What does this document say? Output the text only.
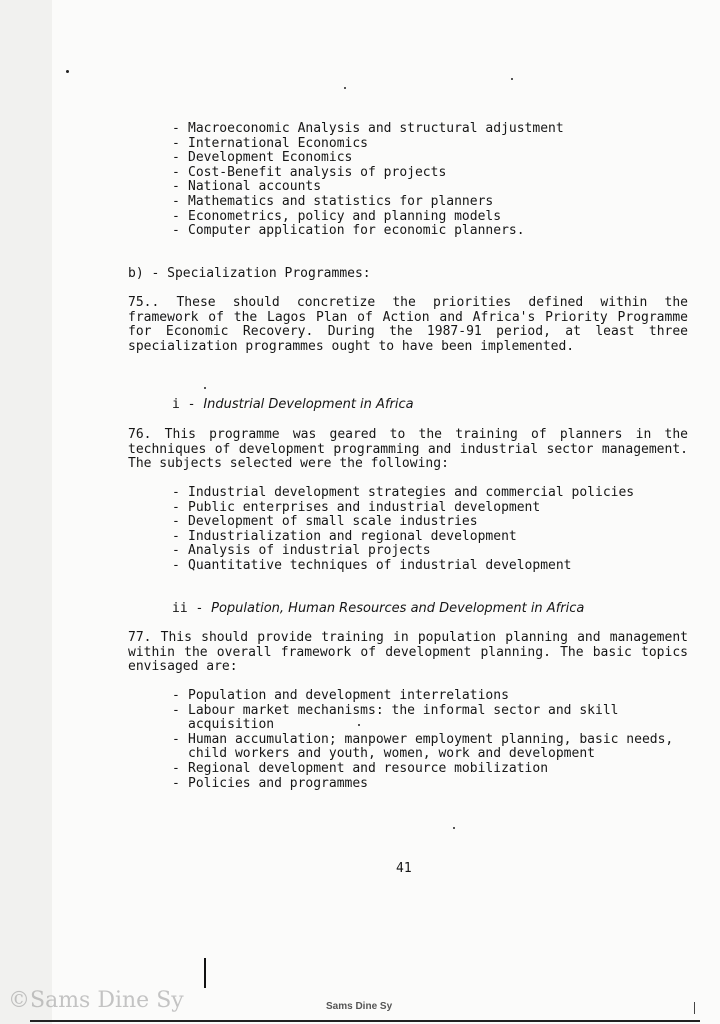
- Macroeconomic Analysis and structural adjustment
- International Economics
- Development Economics
- Cost-Benefit analysis of projects
- National accounts
- Mathematics and statistics for planners
- Econometrics, policy and planning models
- Computer application for economic planners.
b) - Specialization Programmes:
75.. These should concretize the priorities defined within the framework of the Lagos Plan of Action and Africa's Priority Programme for Economic Recovery. During the 1987-91 period, at least three specialization programmes ought to have been implemented.
i - Industrial Development in Africa
76. This programme was geared to the training of planners in the techniques of development programming and industrial sector management. The subjects selected were the following:
- Industrial development strategies and commercial policies
- Public enterprises and industrial development
- Development of small scale industries
- Industrialization and regional development
- Analysis of industrial projects
- Quantitative techniques of industrial development
ii - Population, Human Resources and Development in Africa
77. This should provide training in population planning and management within the overall framework of development planning. The basic topics envisaged are:
- Population and development interrelations
- Labour market mechanisms: the informal sector and skill acquisition
- Human accumulation; manpower employment planning, basic needs, child workers and youth, women, work and development
- Regional development and resource mobilization
- Policies and programmes
41
©Sams Dine Sy	Sams Dine Sy
